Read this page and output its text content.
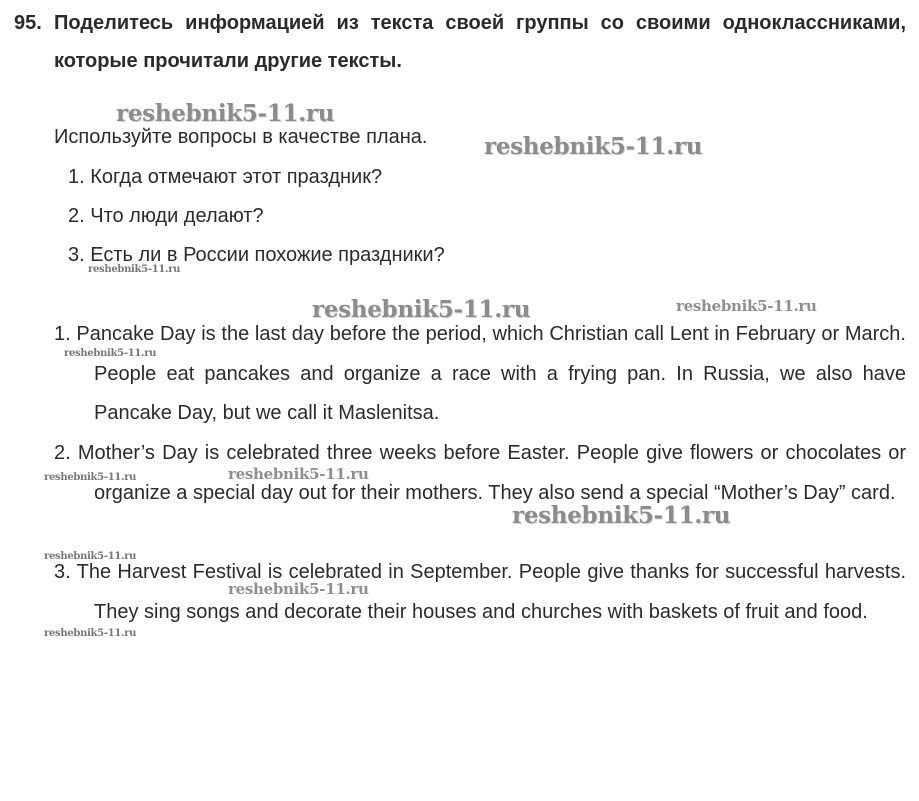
95. Поделитесь информацией из текста своей группы со своими одноклассниками, которые прочитали другие тексты.
Используйте вопросы в качестве плана.
1. Когда отмечают этот праздник?
2. Что люди делают?
3. Есть ли в России похожие праздники?
1. Pancake Day is the last day before the period, which Christian call Lent in February or March. People eat pancakes and organize a race with a frying pan. In Russia, we also have Pancake Day, but we call it Maslenitsa.
2. Mother’s Day is celebrated three weeks before Easter. People give flowers or chocolates or organize a special day out for their mothers. They also send a special “Mother’s Day” card.
3. The Harvest Festival is celebrated in September. People give thanks for successful harvests. They sing songs and decorate their houses and churches with baskets of fruit and food.
reshebnik5-11.ru
reshebnik5-11.ru
reshebnik5-11.ru
reshebnik5-11.ru	reshebnik5-11.ru
reshebnik5-11.ru
reshebnik5-11.ru	reshebnik5-11.ru
reshebnik5-11.ru
reshebnik5-11.ru
reshebnik5-11.ru
reshebnik5-11.ru
